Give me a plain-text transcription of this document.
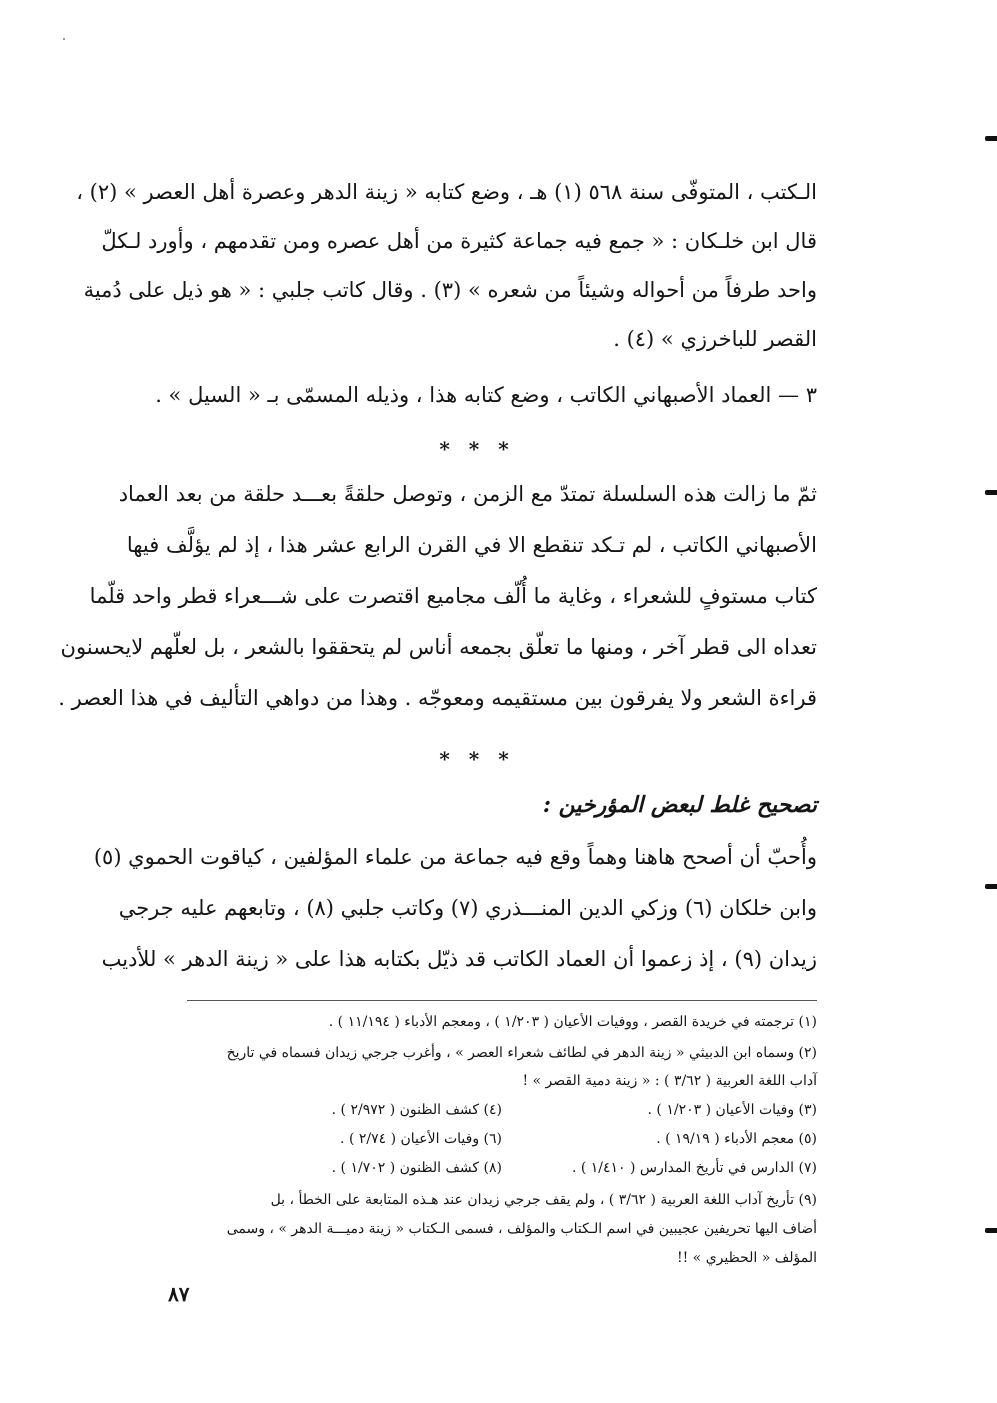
الـكتب ، المتوفّى سنة ٥٦٨ (١) هـ ، وضع كتابه « زينة الدهر وعصرة أهل العصر » (٢) ،
قال ابن خلـكان : « جمع فيه جماعة كثيرة من أهل عصره ومن تقدمهم ، وأورد لـكلّ
واحد طرفاً من أحواله وشيئاً من شعره » (٣) . وقال كاتب جلبي : « هو ذيل على دُمية
القصر للباخرزي » (٤) .
٣ — العماد الأصبهاني الكاتب ، وضع كتابه هذا ، وذيله المسمّى بـ « السيل » .
* * *
ثمّ ما زالت هذه السلسلة تمتدّ مع الزمن ، وتوصل حلقةً بعـــد حلقة من بعد العماد
الأصبهاني الكاتب ، لم تـكد تنقطع الا في القرن الرابع عشر هذا ، إذ لم يؤلَّف فيها
كتاب مستوفٍ للشعراء ، وغاية ما أُلّف مجاميع اقتصرت على شـــعراء قطر واحد قلّما
تعداه الى قطر آخر ، ومنها ما تعلّق بجمعه أناس لم يتحققوا بالشعر ، بل لعلّهم لايحسنون
قراءة الشعر ولا يفرقون بين مستقيمه ومعوجّه . وهذا من دواهي التأليف في هذا العصر .
* * *
تصحيح غلط لبعض المؤرخين :
وأُحبّ أن أصحح هاهنا وهماً وقع فيه جماعة من علماء المؤلفين ، كياقوت الحموي (٥)
وابن خلكان (٦) وزكي الدين المنـــذري (٧) وكاتب جلبي (٨) ، وتابعهم عليه جرجي
زيدان (٩) ، إذ زعموا أن العماد الكاتب قد ذيّل بكتابه هذا على « زينة الدهر » للأديب
(١) ترجمته في خريدة القصر ، ووفيات الأعيان ( ١/٢٠٣ ) ، ومعجم الأدباء ( ١١/١٩٤ ) .
(٢) وسماه ابن الدبيثي « زينة الدهر في لطائف شعراء العصر » ، وأغرب جرجي زيدان فسماه في تاريخ
آداب اللغة العربية ( ٣/٦٢ ) : « زينة دمية القصر » !
(٣) وفيات الأعيان ( ١/٢٠٣ ) .
(٤) كشف الظنون ( ٢/٩٧٢ ) .
(٥) معجم الأدباء ( ١٩/١٩ ) .
(٦) وفيات الأعيان ( ٢/٧٤ ) .
(٧) الدارس في تأريخ المدارس ( ١/٤١٠ ) .
(٨) كشف الظنون ( ١/٧٠٢ ) .
(٩) تأريخ آداب اللغة العربية ( ٣/٦٢ ) ، ولم يقف جرجي زيدان عند هـذه المتابعة على الخطأ ، بل
أضاف اليها تحريفين عجيبين في اسم الـكتاب والمؤلف ، فسمى الـكتاب « زينة دميـــة الدهر » ، وسمى
المؤلف « الحظيري » !!
٨٧
